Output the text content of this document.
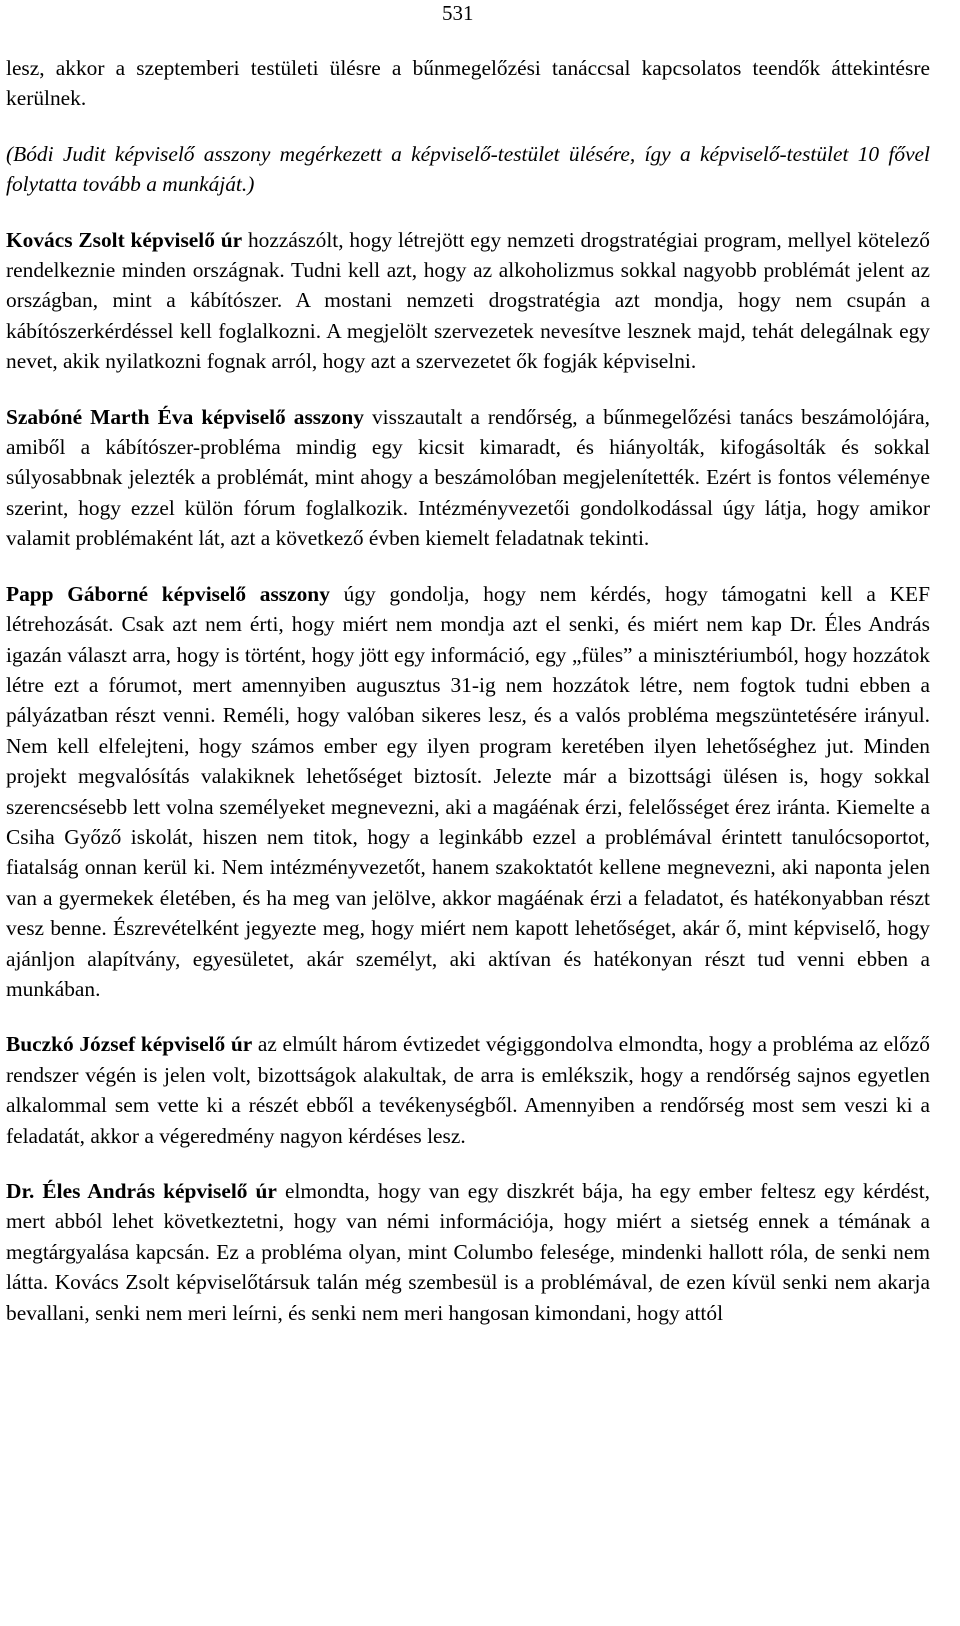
531

lesz, akkor a szeptemberi testületi ülésre a bűnmegelőzési tanáccsal kapcsolatos teendők áttekintésre kerülnek.

(Bódi Judit képviselő asszony megérkezett a képviselő-testület ülésére, így a képviselő-testület 10 fővel folytatta tovább a munkáját.)

Kovács Zsolt képviselő úr hozzászólt, hogy létrejött egy nemzeti drogstratégiai program, mellyel kötelező rendelkeznie minden országnak. Tudni kell azt, hogy az alkoholizmus sokkal nagyobb problémát jelent az országban, mint a kábítószer. A mostani nemzeti drogstratégia azt mondja, hogy nem csupán a kábítószerkérdéssel kell foglalkozni. A megjelölt szervezetek nevesítve lesznek majd, tehát delegálnak egy nevet, akik nyilatkozni fognak arról, hogy azt a szervezetet ők fogják képviselni.

Szabóné Marth Éva képviselő asszony visszautalt a rendőrség, a bűnmegelőzési tanács beszámolójára, amiből a kábítószer-probléma mindig egy kicsit kimaradt, és hiányolták, kifogásolták és sokkal súlyosabbnak jelezték a problémát, mint ahogy a beszámolóban megjelenítették. Ezért is fontos véleménye szerint, hogy ezzel külön fórum foglalkozik. Intézményvezetői gondolkodással úgy látja, hogy amikor valamit problémaként lát, azt a következő évben kiemelt feladatnak tekinti.

Papp Gáborné képviselő asszony úgy gondolja, hogy nem kérdés, hogy támogatni kell a KEF létrehozását. Csak azt nem érti, hogy miért nem mondja azt el senki, és miért nem kap Dr. Éles András igazán választ arra, hogy is történt, hogy jött egy információ, egy „füles” a minisztériumból, hogy hozzátok létre ezt a fórumot, mert amennyiben augusztus 31-ig nem hozzátok létre, nem fogtok tudni ebben a pályázatban részt venni. Reméli, hogy valóban sikeres lesz, és a valós probléma megszüntetésére irányul. Nem kell elfelejteni, hogy számos ember egy ilyen program keretében ilyen lehetőséghez jut. Minden projekt megvalósítás valakiknek lehetőséget biztosít. Jelezte már a bizottsági ülésen is, hogy sokkal szerencsésebb lett volna személyeket megnevezni, aki a magáénak érzi, felelősséget érez iránta. Kiemelte a Csiha Győző iskolát, hiszen nem titok, hogy a leginkább ezzel a problémával érintett tanulócsoportot, fiatalság onnan kerül ki. Nem intézményvezetőt, hanem szakoktatót kellene megnevezni, aki naponta jelen van a gyermekek életében, és ha meg van jelölve, akkor magáénak érzi a feladatot, és hatékonyabban részt vesz benne. Észrevételként jegyezte meg, hogy miért nem kapott lehetőséget, akár ő, mint képviselő, hogy ajánljon alapítvány, egyesületet, akár személyt, aki aktívan és hatékonyan részt tud venni ebben a munkában.

Buczkó József képviselő úr az elmúlt három évtizedet végiggondolva elmondta, hogy a probléma az előző rendszer végén is jelen volt, bizottságok alakultak, de arra is emlékszik, hogy a rendőrség sajnos egyetlen alkalommal sem vette ki a részét ebből a tevékenységből. Amennyiben a rendőrség most sem veszi ki a feladatát, akkor a végeredmény nagyon kérdéses lesz.

Dr. Éles András képviselő úr elmondta, hogy van egy diszkrét bája, ha egy ember feltesz egy kérdést, mert abból lehet következtetni, hogy van némi információja, hogy miért a sietség ennek a témának a megtárgyalása kapcsán. Ez a probléma olyan, mint Columbo felesége, mindenki hallott róla, de senki nem látta. Kovács Zsolt képviselőtársuk talán még szembesül is a problémával, de ezen kívül senki nem akarja bevallani, senki nem meri leírni, és senki nem meri hangosan kimondani, hogy attól
